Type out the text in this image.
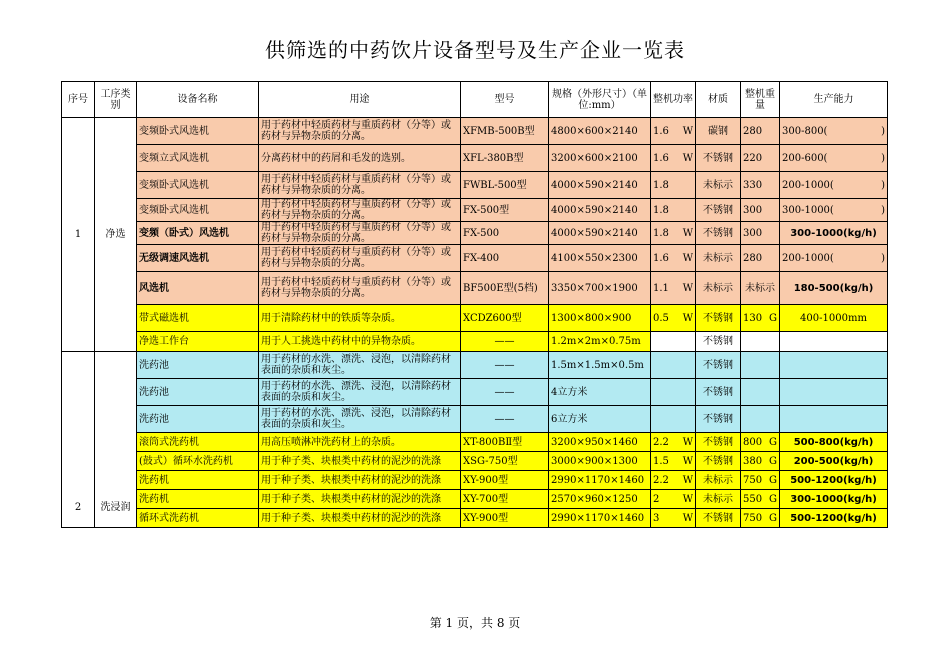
供筛选的中药饮片设备型号及生产企业一览表
序号	工序类别	设备名称	用途	型号	规格（外形尺寸）（单位:mm）	整机功率	材质	整机重量	生产能力
1	净选	变频卧式风选机	用于药材中轻质药材与重质药材（分等）或药材与异物杂质的分离。	XFMB-500B型	4800×600×2140	1.6 W	碳钢	280	300-800( )

		变频立式风选机	分离药材中的药屑和毛发的选别。	XFL-380B型	3200×600×2100	1.6 W	不锈钢	220	200-600( )

		变频卧式风选机	用于药材中轻质药材与重质药材（分等）或药材与异物杂质的分离。	FWBL-500型	4000×590×2140	1.8	未标示	330	200-1000( )

		变频卧式风选机	用于药材中轻质药材与重质药材（分等）或药材与异物杂质的分离。	FX-500型	4000×590×2140	1.8	不锈钢	300	300-1000( )

		变频（卧式）风选机	用于药材中轻质药材与重质药材（分等）或药材与异物杂质的分离。	FX-500	4000×590×2140	1.8 W	不锈钢	300	300-1000(kg/h)
		无级调速风选机	用于药材中轻质药材与重质药材（分等）或药材与异物杂质的分离。	FX-400	4100×550×2300	1.6 W	未标示	280	200-1000( )

		风选机	用于药材中轻质药材与重质药材（分等）或药材与异物杂质的分离。	BF500E型(5档)	3350×700×1900	1.1 W	未标示	未标示	180-500(kg/h)
		带式磁选机	用于清除药材中的铁质等杂质。	XCDZ600型	1300×800×900	0.5 W	不锈钢	130 G	400-1000mm
		净选工作台	用于人工挑选中药材中的异物杂质。	——	1.2m×2m×0.75m		不锈钢		
2	洗浸润	洗药池	用于药材的水洗、漂洗、浸泡，以清除药材表面的杂质和灰尘。	——	1.5m×1.5m×0.5m		不锈钢		
		洗药池	用于药材的水洗、漂洗、浸泡，以清除药材表面的杂质和灰尘。	——	4立方米		不锈钢		
		洗药池	用于药材的水洗、漂洗、浸泡，以清除药材表面的杂质和灰尘。	——	6立方米		不锈钢		
		滚筒式洗药机	用高压喷淋冲洗药材上的杂质。	XT-800BⅡ型	3200×950×1460	2.2 W	不锈钢	800 G	500-800(kg/h)
		(鼓式）循环水洗药机	用于种子类、块根类中药材的泥沙的洗涤	XSG-750型	3000×900×1300	1.5 W	不锈钢	380 G	200-500(kg/h)
		洗药机	用于种子类、块根类中药材的泥沙的洗涤	XY-900型	2990×1170×1460	2.2 W	未标示	750 G	500-1200(kg/h)
		洗药机	用于种子类、块根类中药材的泥沙的洗涤	XY-700型	2570×960×1250	2 W	未标示	550 G	300-1000(kg/h)
		循环式洗药机	用于种子类、块根类中药材的泥沙的洗涤	XY-900型	2990×1170×1460	3 W	不锈钢	750 G	500-1200(kg/h)
第 1 页，共 8 页
